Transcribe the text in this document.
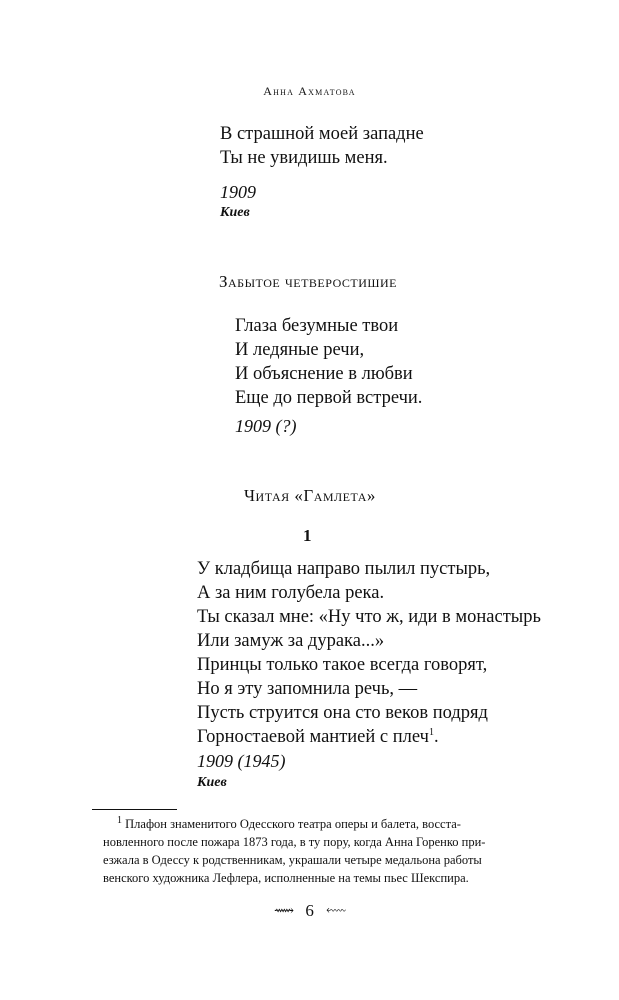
Анна Ахматова
В страшной моей западне
Ты не увидишь меня.
1909
Киев
Забытое четверостишие
Глаза безумные твои
И ледяные речи,
И объяснение в любви
Еще до первой встречи.
1909 (?)
Читая «Гамлета»
1
У кладбища направо пылил пустырь,
А за ним голубела река.
Ты сказал мне: «Ну что ж, иди в монастырь
Или замуж за дурака...»
Принцы только такое всегда говорят,
Но я эту запомнила речь, —
Пусть струится она сто веков подряд
Горностаевой мантией с плеч$^1$.
1909 (1945)
Киев
$^1$ Плафон знаменитого Одесского театра оперы и балета, восста-
новленного после пожара 1873 года, в ту пору, когда Анна Горенко при-
езжала в Одессу к родственникам, украшали четыре медальона работы
венского художника Лефлера, исполненные на темы пьес Шекспира.
⟿ 6 ⬳
